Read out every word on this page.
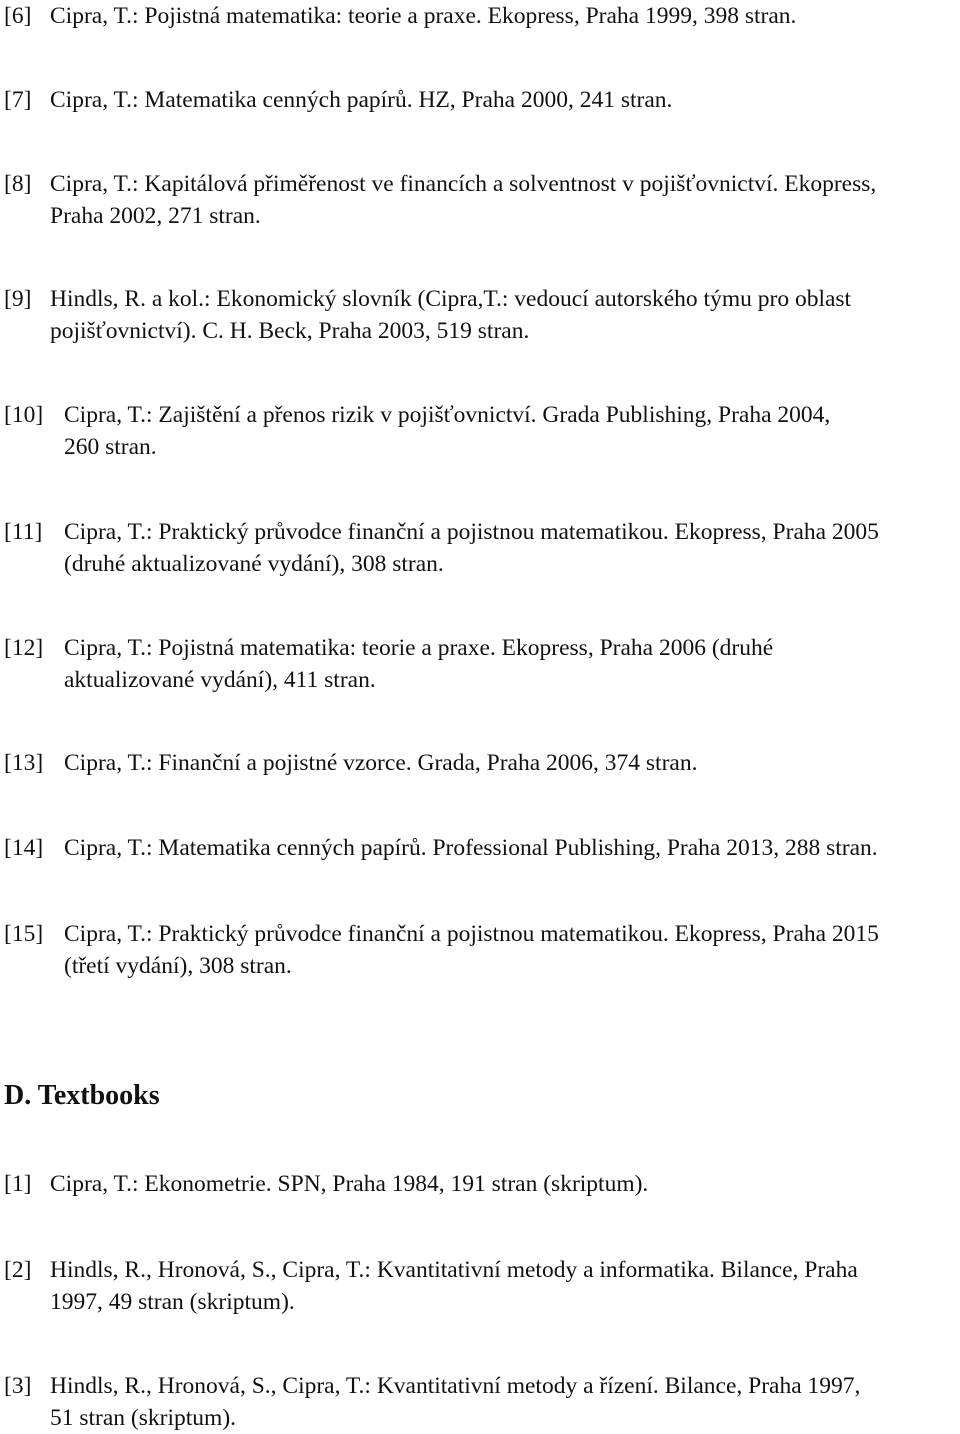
[6] Cipra, T.: Pojistná matematika: teorie a praxe. Ekopress, Praha 1999, 398 stran.
[7] Cipra, T.: Matematika cenných papírů. HZ, Praha 2000, 241 stran.
[8] Cipra, T.: Kapitálová přiměřenost ve financích a solventnost v pojišťovnictví. Ekopress,
Praha 2002, 271 stran.
[9] Hindls, R. a kol.: Ekonomický slovník (Cipra,T.: vedoucí autorského týmu pro oblast
pojišťovnictví). C. H. Beck, Praha 2003, 519 stran.
[10] Cipra, T.: Zajištění a přenos rizik v pojišťovnictví. Grada Publishing, Praha 2004,
260 stran.
[11] Cipra, T.: Praktický průvodce finanční a pojistnou matematikou. Ekopress, Praha 2005
(druhé aktualizované vydání), 308 stran.
[12] Cipra, T.: Pojistná matematika: teorie a praxe. Ekopress, Praha 2006 (druhé
aktualizované vydání), 411 stran.
[13] Cipra, T.: Finanční a pojistné vzorce. Grada, Praha 2006, 374 stran.
[14] Cipra, T.: Matematika cenných papírů. Professional Publishing, Praha 2013, 288 stran.
[15] Cipra, T.: Praktický průvodce finanční a pojistnou matematikou. Ekopress, Praha 2015
(třetí vydání), 308 stran.
D. Textbooks
[1] Cipra, T.: Ekonometrie. SPN, Praha 1984, 191 stran (skriptum).
[2] Hindls, R., Hronová, S., Cipra, T.: Kvantitativní metody a informatika. Bilance, Praha
1997, 49 stran (skriptum).
[3] Hindls, R., Hronová, S., Cipra, T.: Kvantitativní metody a řízení. Bilance, Praha 1997,
51 stran (skriptum).
